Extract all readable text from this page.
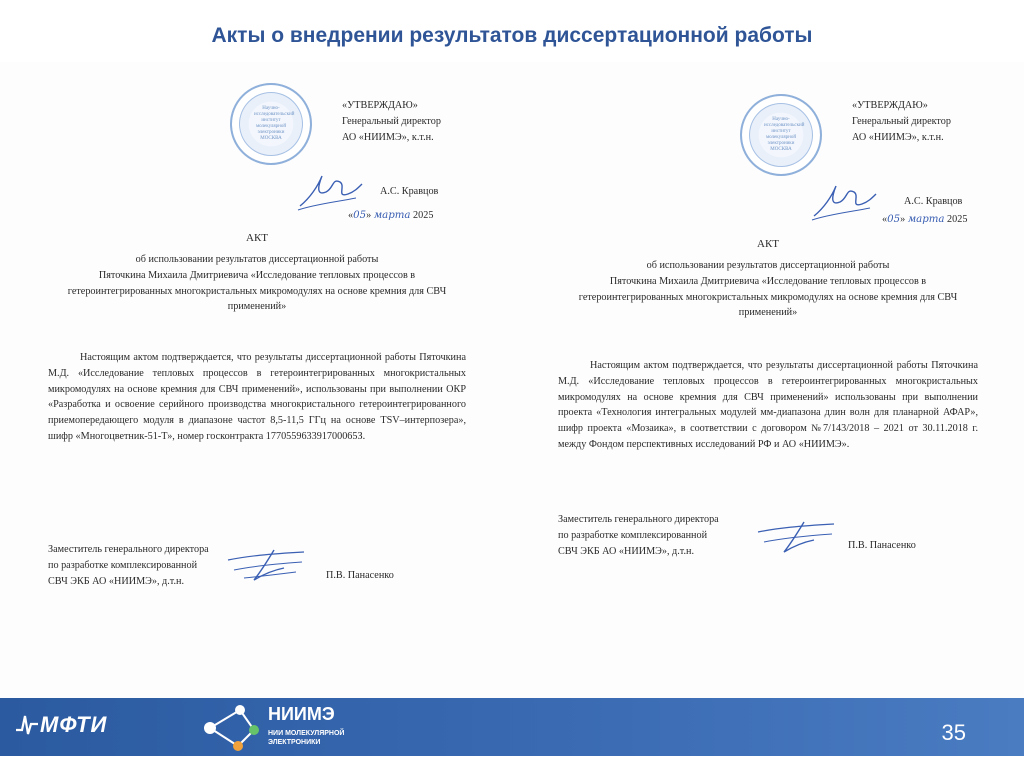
Акты о внедрении результатов диссертационной работы
Научно-исследовательский институт молекулярной электроники МОСКВА
«УТВЕРЖДАЮ»
Генеральный директор
АО «НИИМЭ», к.т.н.
А.С. Кравцов
«05» марта 2025
АКТ
об использовании результатов диссертационной работы
Пяточкина Михаила Дмитриевича «Исследование тепловых процессов в
гетероинтегрированных многокристальных микромодулях на основе кремния для СВЧ
применений»

Настоящим актом подтверждается, что результаты диссертационной работы Пяточкина М.Д. «Исследование тепловых процессов в гетероинтегрированных многокристальных микромодулях на основе кремния для СВЧ применений», использованы при выполнении ОКР «Разработка и освоение серийного производства многокристального гетероинтегрированного приемопередающего модуля в диапазоне частот 8,5-11,5 ГГц на основе TSV–интерпозера», шифр «Многоцветник-51-Т», номер госконтракта 177055963391700065З.

Заместитель генерального директора
по разработке комплексированной
СВЧ ЭКБ АО «НИИМЭ», д.т.н.
П.В. Панасенко
Научно-исследовательский институт молекулярной электроники МОСКВА
«УТВЕРЖДАЮ»
Генеральный директор
АО «НИИМЭ», к.т.н.
А.С. Кравцов
«05» марта 2025
АКТ
об использовании результатов диссертационной работы
Пяточкина Михаила Дмитриевича «Исследование тепловых процессов в
гетероинтегрированных многокристальных микромодулях на основе кремния для СВЧ
применений»

Настоящим актом подтверждается, что результаты диссертационной работы Пяточкина М.Д. «Исследование тепловых процессов в гетероинтегрированных многокристальных микромодулях на основе кремния для СВЧ применений» использованы при выполнении проекта «Технология интегральных модулей мм-диапазона длин волн для планарной АФАР», шифр проекта «Мозаика», в соответствии с договором №7/143/2018 – 2021 от 30.11.2018 г. между Фондом перспективных исследований РФ и АО «НИИМЭ».

Заместитель генерального директора
по разработке комплексированной
СВЧ ЭКБ АО «НИИМЭ», д.т.н.
П.В. Панасенко
МФТИ	НИИМЭ
НИИ МОЛЕКУЛЯРНОЙ
ЭЛЕКТРОНИКИ	35
